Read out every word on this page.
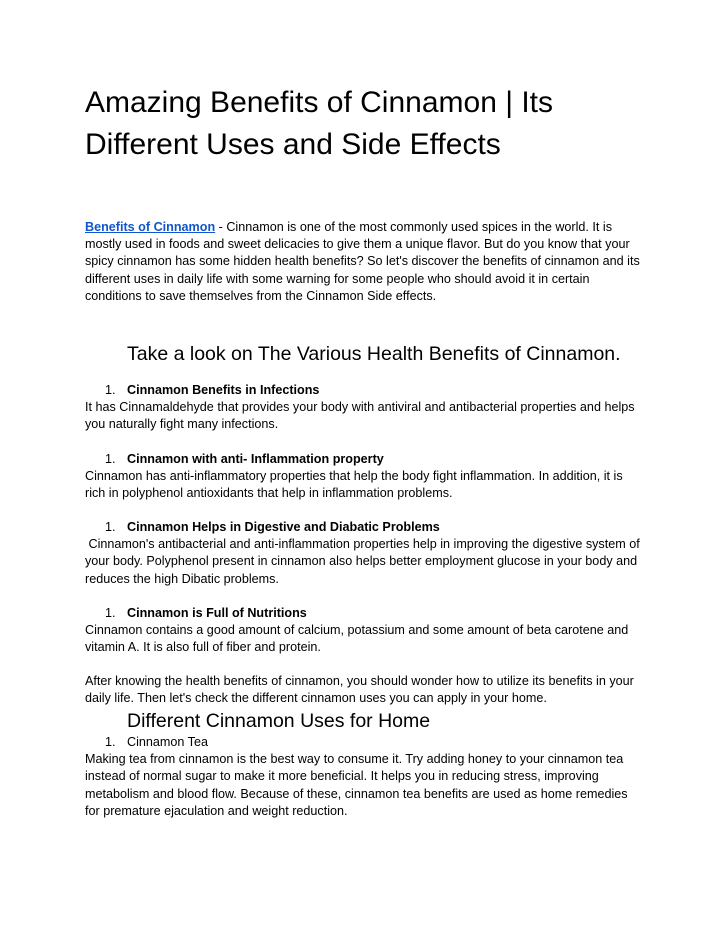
Amazing Benefits of Cinnamon | Its Different Uses and Side Effects

Benefits of Cinnamon - Cinnamon is one of the most commonly used spices in the world. It is mostly used in foods and sweet delicacies to give them a unique flavor. But do you know that your spicy cinnamon has some hidden health benefits? So let's discover the benefits of cinnamon and its different uses in daily life with some warning for some people who should avoid it in certain conditions to save themselves from the Cinnamon Side effects.

Take a look on The Various Health Benefits of Cinnamon.
1. Cinnamon Benefits in Infections

It has Cinnamaldehyde that provides your body with antiviral and antibacterial properties and helps you naturally fight many infections.

1. Cinnamon with anti- Inflammation property

Cinnamon has anti-inflammatory properties that help the body fight inflammation. In addition, it is rich in polyphenol antioxidants that help in inflammation problems.

1. Cinnamon Helps in Digestive and Diabatic Problems

Cinnamon's antibacterial and anti-inflammation properties help in improving the digestive system of your body. Polyphenol present in cinnamon also helps better employment glucose in your body and reduces the high Dibatic problems.

1. Cinnamon is Full of Nutritions

Cinnamon contains a good amount of calcium, potassium and some amount of beta carotene and vitamin A. It is also full of fiber and protein.

After knowing the health benefits of cinnamon, you should wonder how to utilize its benefits in your daily life. Then let's check the different cinnamon uses you can apply in your home.

Different Cinnamon Uses for Home
1. Cinnamon Tea

Making tea from cinnamon is the best way to consume it. Try adding honey to your cinnamon tea instead of normal sugar to make it more beneficial. It helps you in reducing stress, improving metabolism and blood flow. Because of these, cinnamon tea benefits are used as home remedies for premature ejaculation and weight reduction.
